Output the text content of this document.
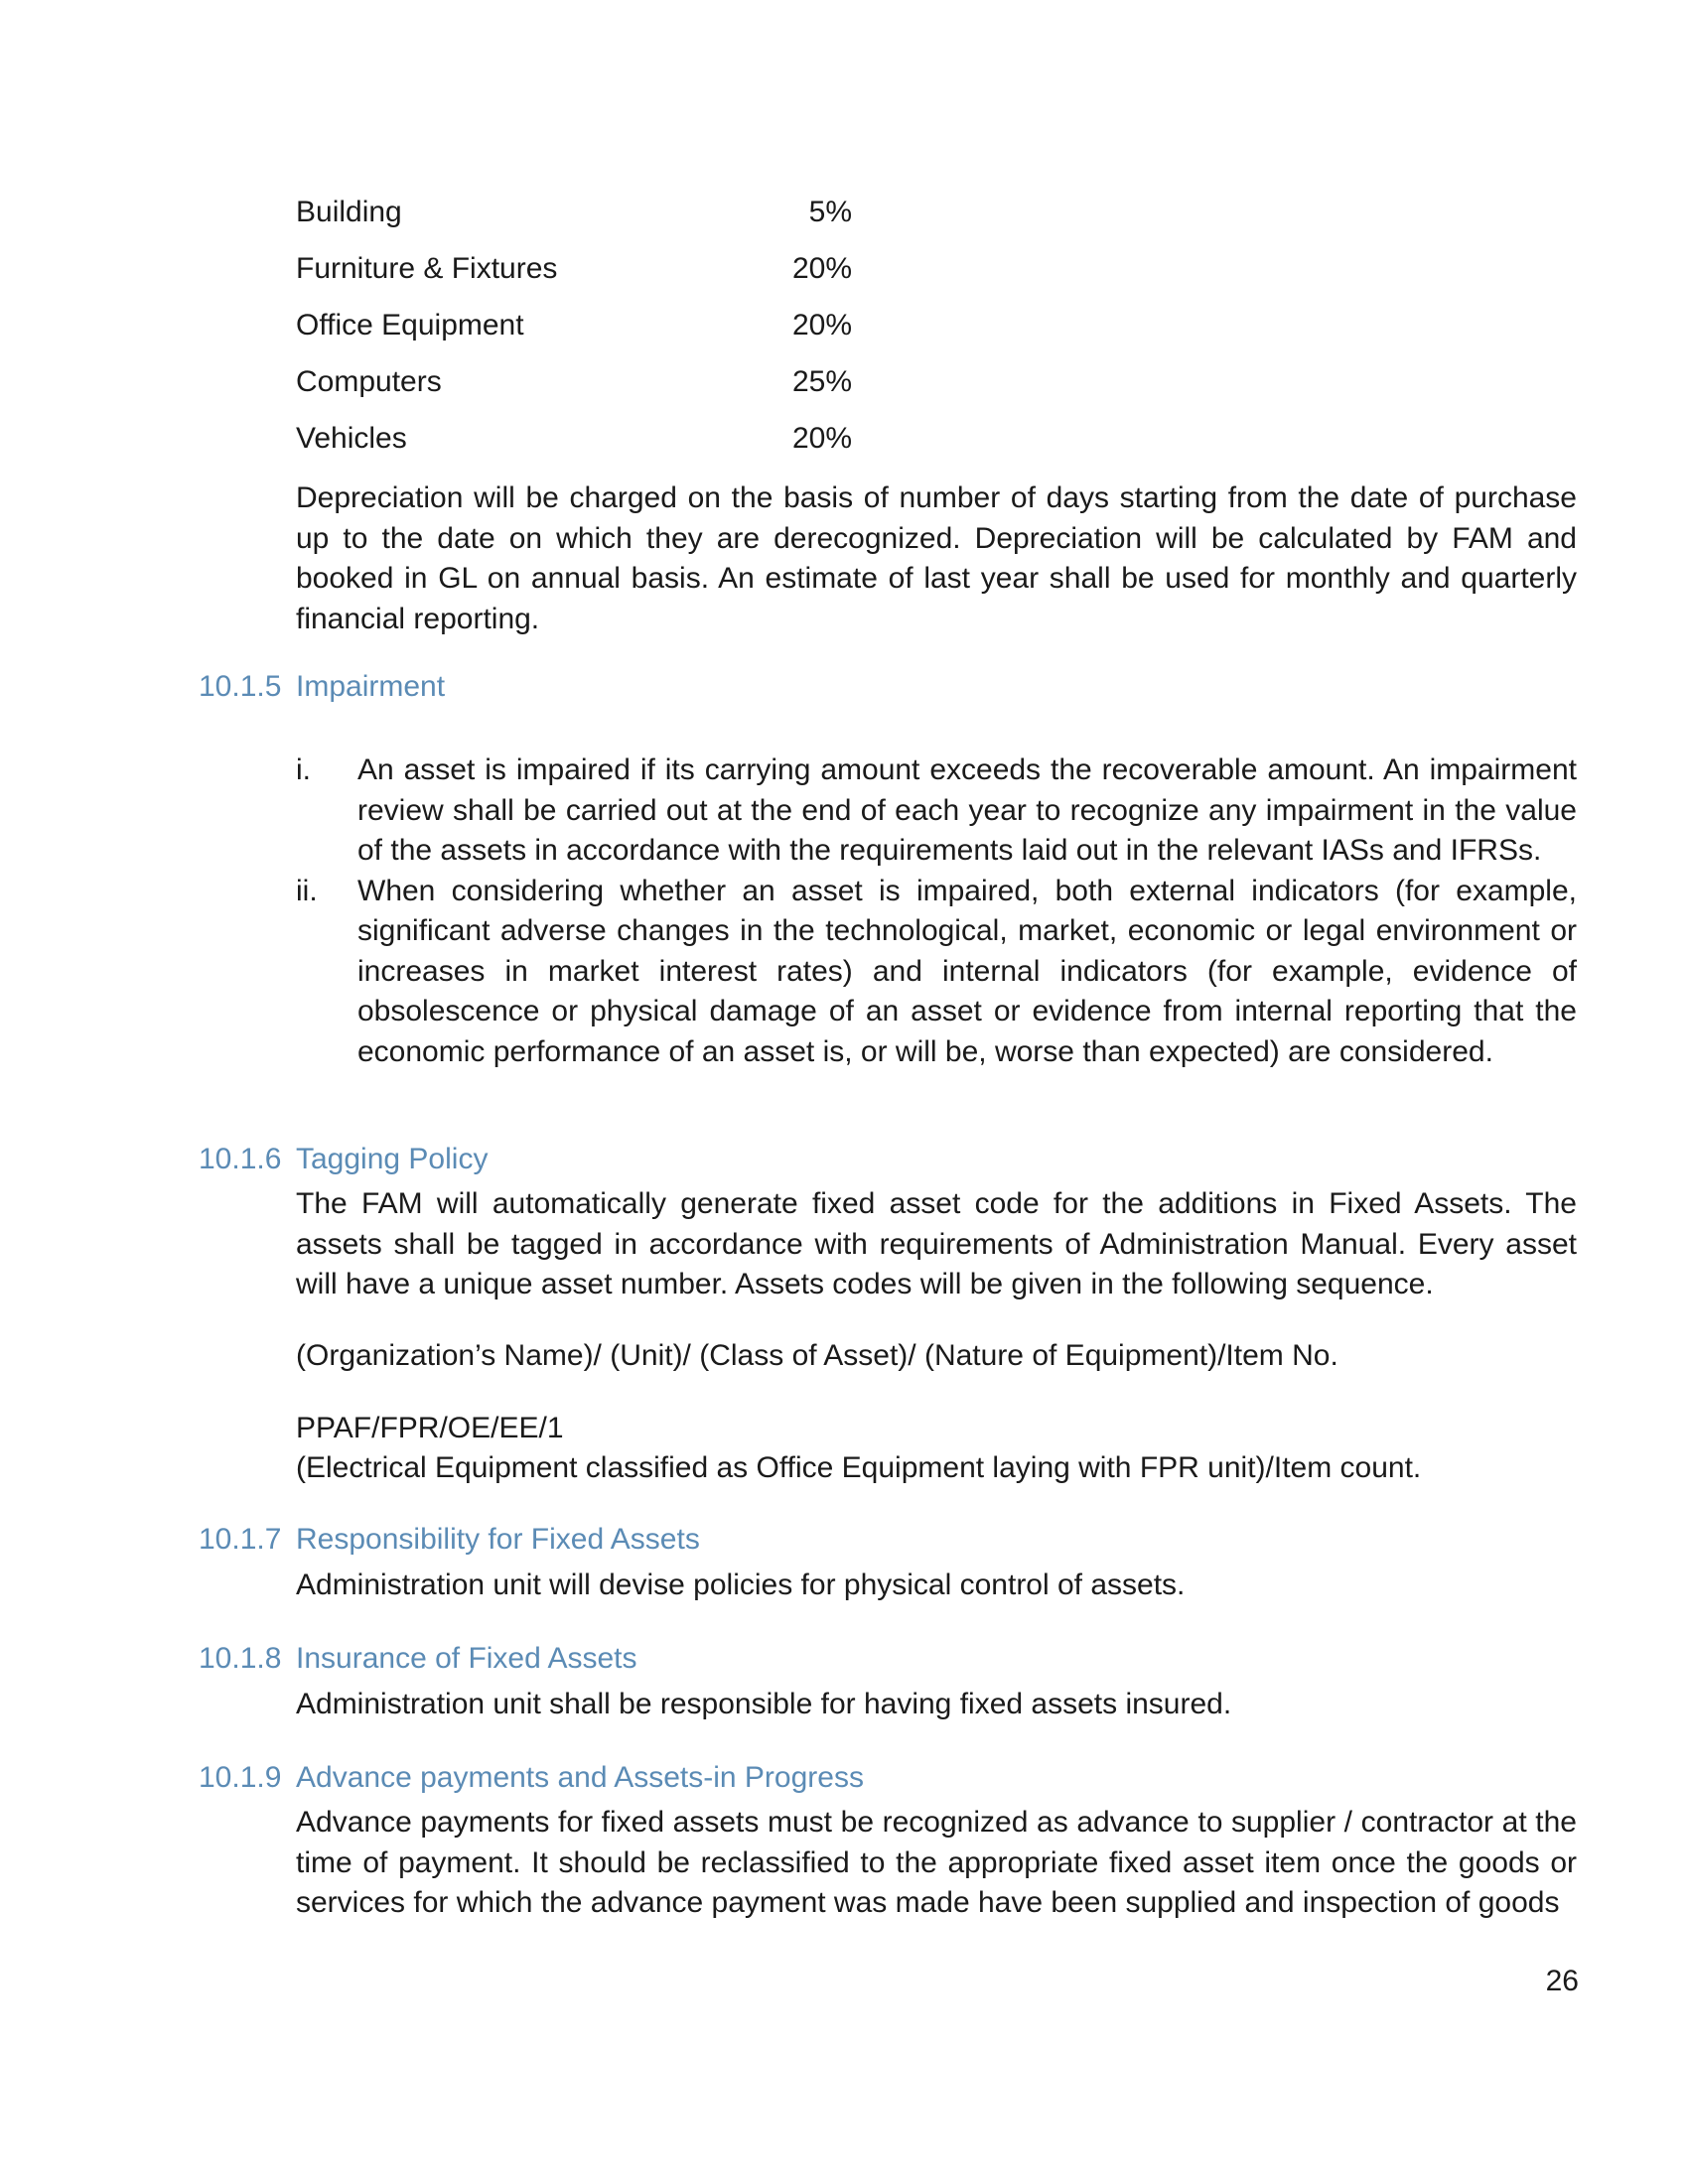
Building	5%
Furniture & Fixtures	20%
Office Equipment	20%
Computers	25%
Vehicles	20%

Depreciation will be charged on the basis of number of days starting from the date of purchase up to the date on which they are derecognized. Depreciation will be calculated by FAM and booked in GL on annual basis. An estimate of last year shall be used for monthly and quarterly financial reporting.

10.1.5 Impairment
i. An asset is impaired if its carrying amount exceeds the recoverable amount. An impairment review shall be carried out at the end of each year to recognize any impairment in the value of the assets in accordance with the requirements laid out in the relevant IASs and IFRSs.
ii. When considering whether an asset is impaired, both external indicators (for example, significant adverse changes in the technological, market, economic or legal environment or increases in market interest rates) and internal indicators (for example, evidence of obsolescence or physical damage of an asset or evidence from internal reporting that the economic performance of an asset is, or will be, worse than expected) are considered.
10.1.6 Tagging Policy

The FAM will automatically generate fixed asset code for the additions in Fixed Assets. The assets shall be tagged in accordance with requirements of Administration Manual. Every asset will have a unique asset number. Assets codes will be given in the following sequence.

(Organization’s Name)/ (Unit)/ (Class of Asset)/ (Nature of Equipment)/Item No.

PPAF/FPR/OE/EE/1

(Electrical Equipment classified as Office Equipment laying with FPR unit)/Item count.

10.1.7 Responsibility for Fixed Assets

Administration unit will devise policies for physical control of assets.

10.1.8 Insurance of Fixed Assets

Administration unit shall be responsible for having fixed assets insured.

10.1.9 Advance payments and Assets-in Progress

Advance payments for fixed assets must be recognized as advance to supplier / contractor at the time of payment. It should be reclassified to the appropriate fixed asset item once the goods or services for which the advance payment was made have been supplied and inspection of goods

26
